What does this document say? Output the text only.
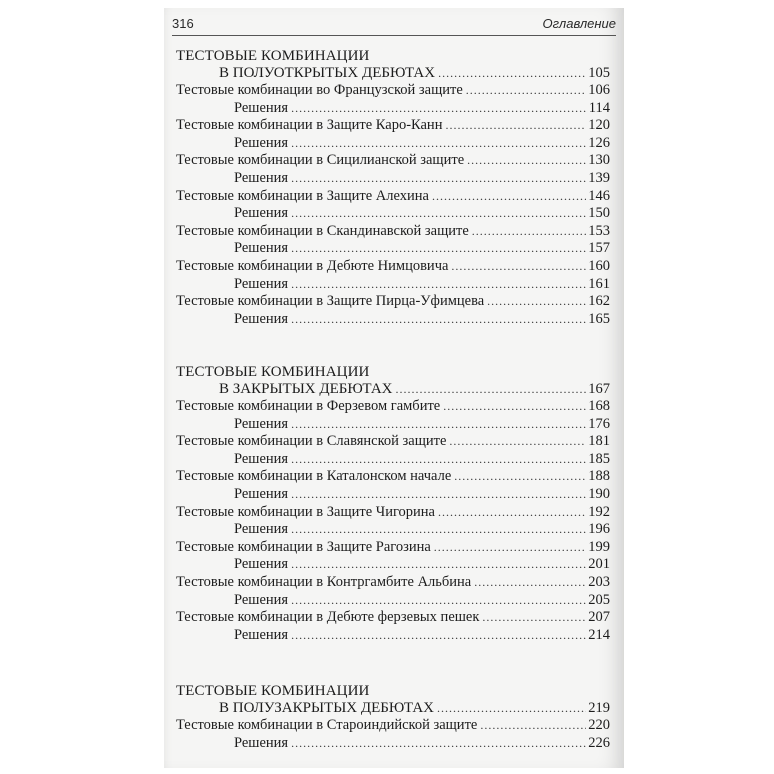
316	Оглавление
ТЕСТОВЫЕ КОМБИНАЦИИ
В ПОЛУОТКРЫТЫХ ДЕБЮТАХ .....	105
Тестовые комбинации во Французской защите .....	106
Решения .....	114
Тестовые комбинации в Защите Каро-Канн .....	120
Решения .....	126
Тестовые комбинации в Сицилианской защите .....	130
Решения .....	139
Тестовые комбинации в Защите Алехина .....	146
Решения .....	150
Тестовые комбинации в Скандинавской защите .....	153
Решения .....	157
Тестовые комбинации в Дебюте Нимцовича .....	160
Решения .....	161
Тестовые комбинации в Защите Пирца-Уфимцева .....	162
Решения .....	165
ТЕСТОВЫЕ КОМБИНАЦИИ
В ЗАКРЫТЫХ ДЕБЮТАХ .....	167
Тестовые комбинации в Ферзевом гамбите .....	168
Решения .....	176
Тестовые комбинации в Славянской защите .....	181
Решения .....	185
Тестовые комбинации в Каталонском начале .....	188
Решения .....	190
Тестовые комбинации в Защите Чигорина .....	192
Решения .....	196
Тестовые комбинации в Защите Рагозина .....	199
Решения .....	201
Тестовые комбинации в Контргамбите Альбина .....	203
Решения .....	205
Тестовые комбинации в Дебюте ферзевых пешек .....	207
Решения .....	214
ТЕСТОВЫЕ КОМБИНАЦИИ
В ПОЛУЗАКРЫТЫХ ДЕБЮТАХ .....	219
Тестовые комбинации в Староиндийской защите .....	220
Решения .....	226
